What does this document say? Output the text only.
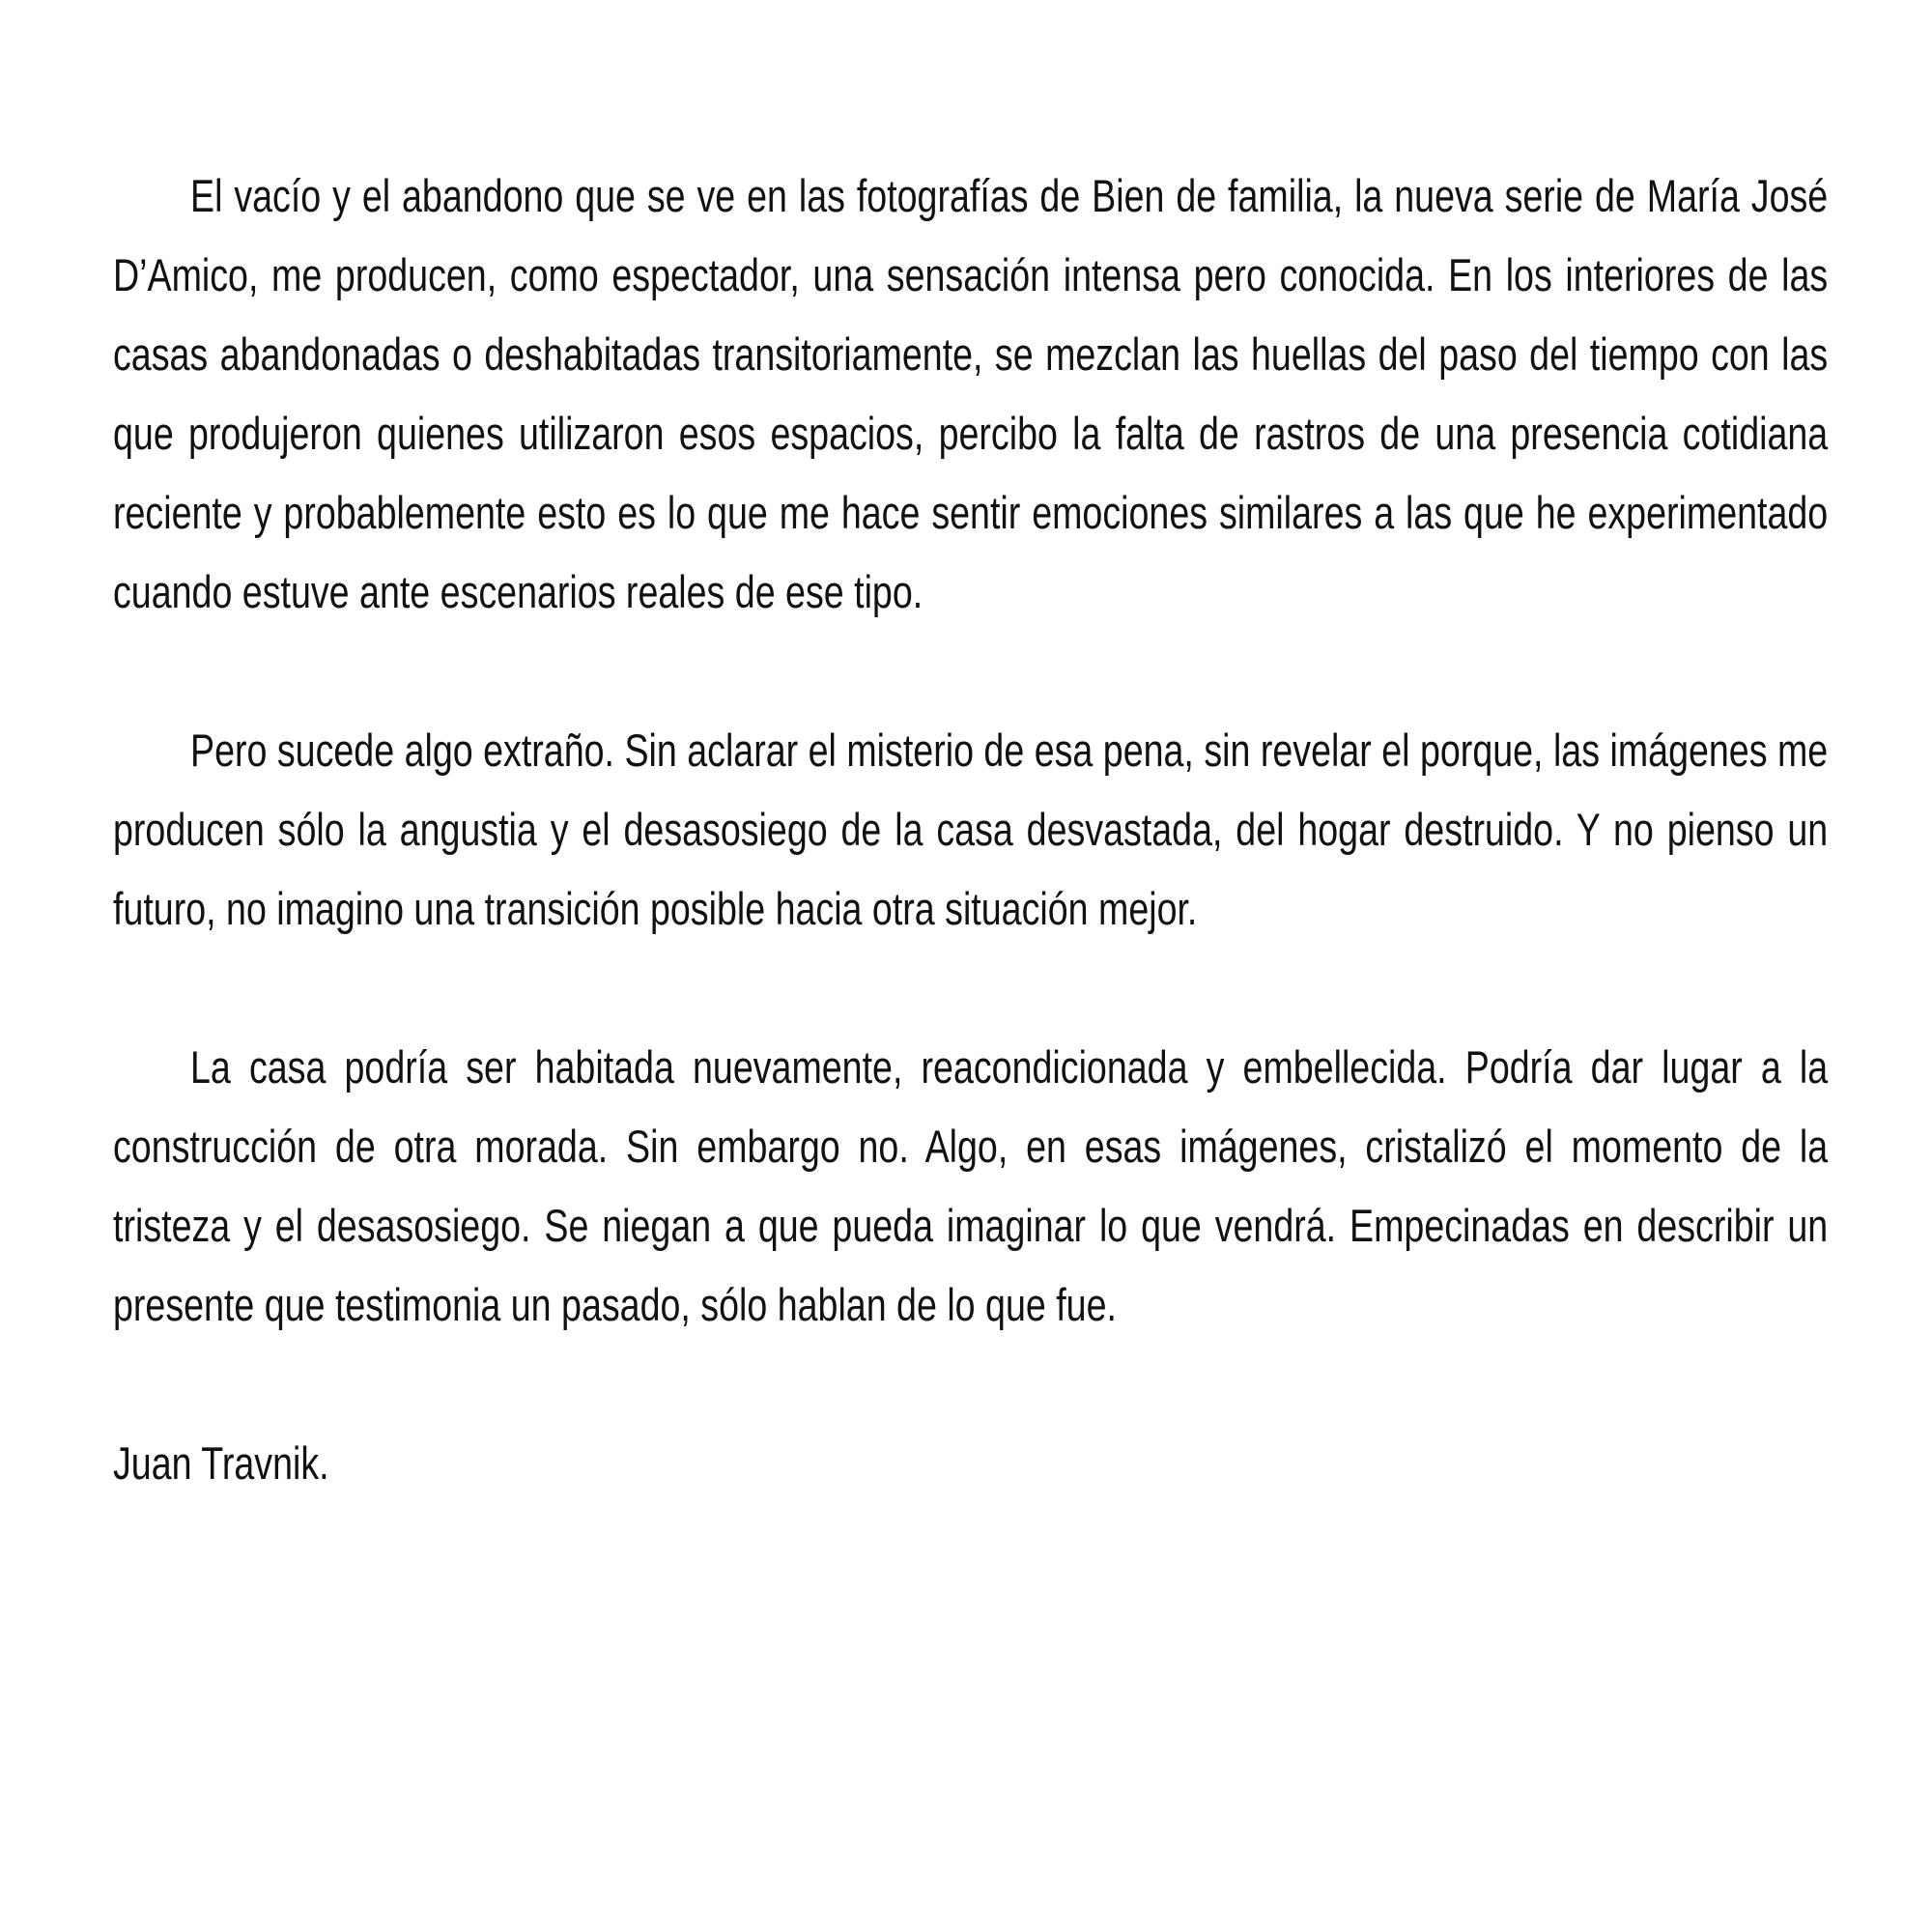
El vacío y el abandono que se ve en las fotografías de Bien de familia, la nueva serie de María José D’Amico, me producen, como espectador, una sensación intensa pero conocida. En los interiores de las casas abandonadas o deshabitadas transitoriamente, se mezclan las huellas del paso del tiempo con las que produjeron quienes utilizaron esos espacios, percibo la falta de rastros de una presencia cotidiana reciente y probablemente esto es lo que me hace sentir emociones similares a las que he experimentado cuando estuve ante escenarios reales de ese tipo.

Pero sucede algo extraño. Sin aclarar el misterio de esa pena, sin revelar el porque, las imágenes me producen sólo la angustia y el desasosiego de la casa desvastada, del hogar destruido. Y no pienso un futuro, no imagino una transición posible hacia otra situación mejor.

La casa podría ser habitada nuevamente, reacondicionada y embellecida. Podría dar lugar a la construcción de otra morada. Sin embargo no. Algo, en esas imágenes, cristalizó el momento de la tristeza y el desasosiego. Se niegan a que pueda imaginar lo que vendrá. Empecinadas en describir un presente que testimonia un pasado, sólo hablan de lo que fue.

Juan Travnik.
